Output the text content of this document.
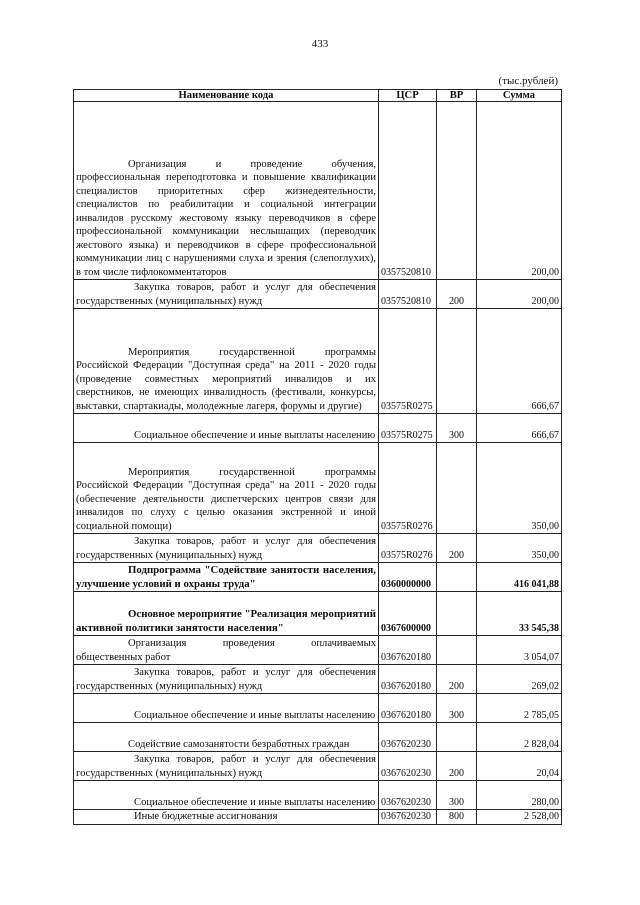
433
(тыс.рублей)
Наименование кода	ЦСР	ВР	Сумма

Организация и проведение обучения, профессиональная переподготовка и повышение квалификации специалистов приоритетных сфер жизнедеятельности, специалистов по реабилитации и социальной интеграции инвалидов русскому жестовому языку переводчиков в сфере профессиональной коммуникации неслышащих (переводчик жестового языка) и переводчиков в сфере профессиональной коммуникации лиц с нарушениями слуха и зрения (слепоглухих), в том числе тифлокомментаторов	0357520810		200,00

Закупка товаров, работ и услуг для обеспечения государственных (муниципальных) нужд	0357520810	200	200,00

Мероприятия государственной программы Российской Федерации "Доступная среда" на 2011 - 2020 годы (проведение совместных мероприятий инвалидов и их сверстников, не имеющих инвалидность (фестивали, конкурсы, выставки, спартакиады, молодежные лагеря, форумы и другие)	03575R0275		666,67

Социальное обеспечение и иные выплаты населению	03575R0275	300	666,67

Мероприятия государственной программы Российской Федерации "Доступная среда" на 2011 - 2020 годы (обеспечение деятельности диспетчерских центров связи для инвалидов по слуху с целью оказания экстренной и иной социальной помощи)	03575R0276		350,00

Закупка товаров, работ и услуг для обеспечения государственных (муниципальных) нужд	03575R0276	200	350,00

Подпрограмма "Содействие занятости населения, улучшение условий и охраны труда"	0360000000		416 041,88

Основное мероприятие "Реализация мероприятий активной политики занятости населения"	0367600000		33 545,38

Организация проведения оплачиваемых общественных работ	0367620180		3 054,07

Закупка товаров, работ и услуг для обеспечения государственных (муниципальных) нужд	0367620180	200	269,02

Социальное обеспечение и иные выплаты населению	0367620180	300	2 785,05

Содействие самозанятости безработных граждан	0367620230		2 828,04

Закупка товаров, работ и услуг для обеспечения государственных (муниципальных) нужд	0367620230	200	20,04

Социальное обеспечение и иные выплаты населению	0367620230	300	280,00

Иные бюджетные ассигнования	0367620230	800	2 528,00
